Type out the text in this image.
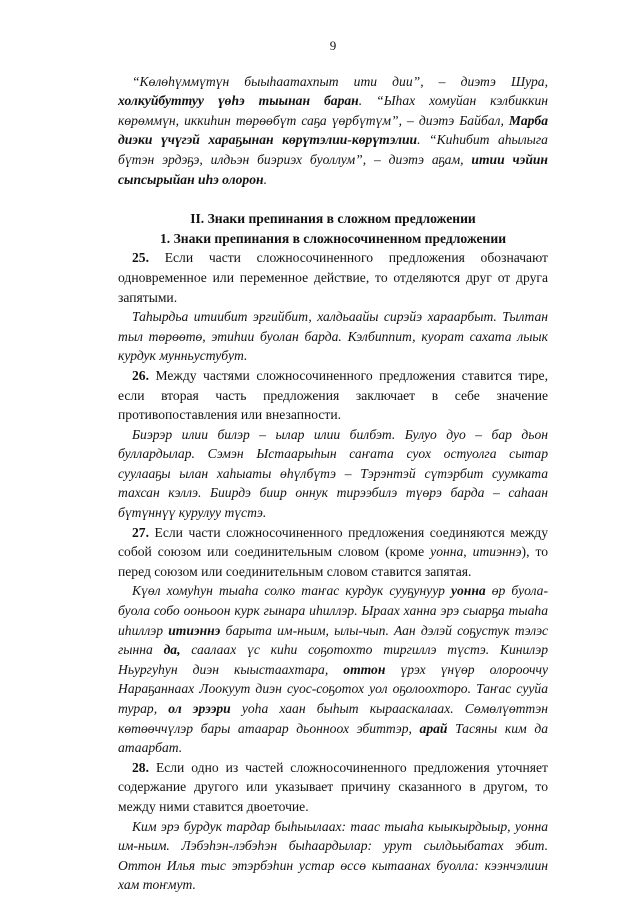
9

“Көлөһүммүтүн быыһаатахпыт ити дии”, – диэтэ Шура, холкуйбуттуу үөһэ тыынан баран. “Ыһах хомуйан кэлбиккин көрөммүн, иккиһин төрөөбүт саҕа үөрбүтүм”, – диэтэ Байбал, Марба диэки үчүгэй хараҕынан көрүтэлии-көрүтэлии. “Киһибит аһылыга бүтэн эрдэҕэ, илдьэн биэриэх буоллум”, – диэтэ аҕам, итии чэйин сыпсырыйан иһэ олорон.

II. Знаки препинания в сложном предложении

1. Знаки препинания в сложносочиненном предложении

25. Если части сложносочиненного предложения обозначают одновременное или переменное действие, то отделяются друг от друга запятыми.

Таһырдьа итиибит эргийбит, халдьаайы сирэйэ хараарбыт. Тылтан тыл төрөөтө, этиһии буолан барда. Кэлбиппит, куорат сахата лыык курдук мунньустубут.

26. Между частями сложносочиненного предложения ставится тире, если вторая часть предложения заключает в себе значение противопоставления или внезапности.

Биэрэр илии билэр – ылар илии билбэт. Булуо дуо – бар дьон буллардылар. Сэмэн Ыстаарыһын саҥата суох остуолга сытар суулааҕы ылан хаһыаты өһүлбүтэ – Тэрэнтэй сүтэрбит суумката тахсан кэллэ. Биирдэ биир оннук тирээбилэ түөрэ барда – саһаан бүтүннүү курулуу түстэ.

27. Если части сложносочиненного предложения соединяются между собой союзом или соединительным словом (кроме уонна, итиэннэ), то перед союзом или соединительным словом ставится запятая.

Күөл хомуһун тыаһа солко таҥас курдук сууҕунуур уонна өр буола-буола собо ооньоон курк гынара иһиллэр. Ыраах ханна эрэ сыарҕа тыаһа иһиллэр итиэннэ барыта им-ньим, ылы-чып. Аан дэлэй соҕустук тэлэс гынна да, саалаах үс киһи соҕотохто тиргиллэ түстэ. Кинилэр Ньургуһун диэн кыыстаахтара, оттон үрэх үнүөр олорооччу Нараҕаннаах Лоокуут диэн суос-соҕотох уол оҕолоохторо. Таҥас сууйа турар, ол эрээри уоһа хаан быһыт кырааскалаах. Сөмөлүөттэн көтөөччүлэр бары атаарар дьонноох эбиттэр, арай Тасяны ким да атаарбат.

28. Если одно из частей сложносочиненного предложения уточняет содержание другого или указывает причину сказанного в другом, то между ними ставится двоеточие.

Ким эрэ бурдук тардар быһыылаах: таас тыаһа кыыкырдыыр, уонна им-ньим. Лэбэһэн-лэбэһэн быһаардылар: урут сылдьыбатах эбит. Оттон Илья тыс этэрбэһин устар өссө кытаанах буолла: кээнчэлиин хам тоҥмут.
